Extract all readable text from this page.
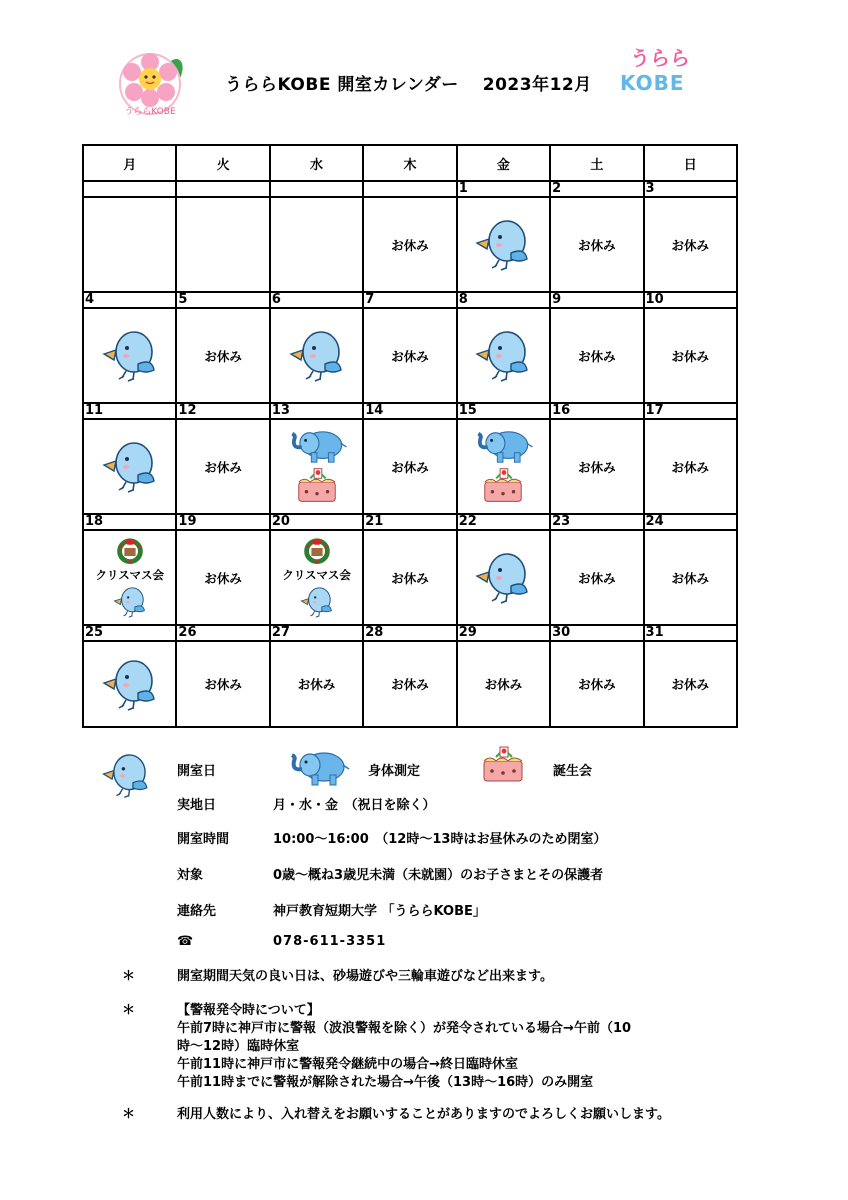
うららKOBE
うららKOBE 開室カレンダー 2023年12月
うらら
KOBE
月	火	水	木	金	土	日
				1	2	3
			お休み		お休み	お休み
4	5	6	7	8	9	10
	お休み		お休み		お休み	お休み
11	12	13	14	15	16	17
	お休み		お休み		お休み	お休み
18	19	20	21	22	23	24

クリスマス会	お休み	クリスマス会	お休み		お休み	お休み
25	26	27	28	29	30	31
	お休み	お休み	お休み	お休み	お休み	お休み
開室日	身体測定	誕生会
実地日	月・水・金　（祝日を除く）
開室時間	10:00～16:00　（12時～13時はお昼休みのため閉室）
対象	0歳～概ね3歳児未満（未就園）のお子さまとその保護者
連絡先	神戸教育短期大学 「うららKOBE」
☎	078-611-3351
＊	開室期間天気の良い日は、砂場遊びや三輪車遊びなど出来ます。
＊	【警報発令時について】
午前7時に神戸市に警報（波浪警報を除く）が発令されている場合→午前（10
時～12時）臨時休室
午前11時に神戸市に警報発令継続中の場合→終日臨時休室
午前11時までに警報が解除された場合→午後（13時～16時）のみ開室
＊	利用人数により、入れ替えをお願いすることがありますのでよろしくお願いします。
